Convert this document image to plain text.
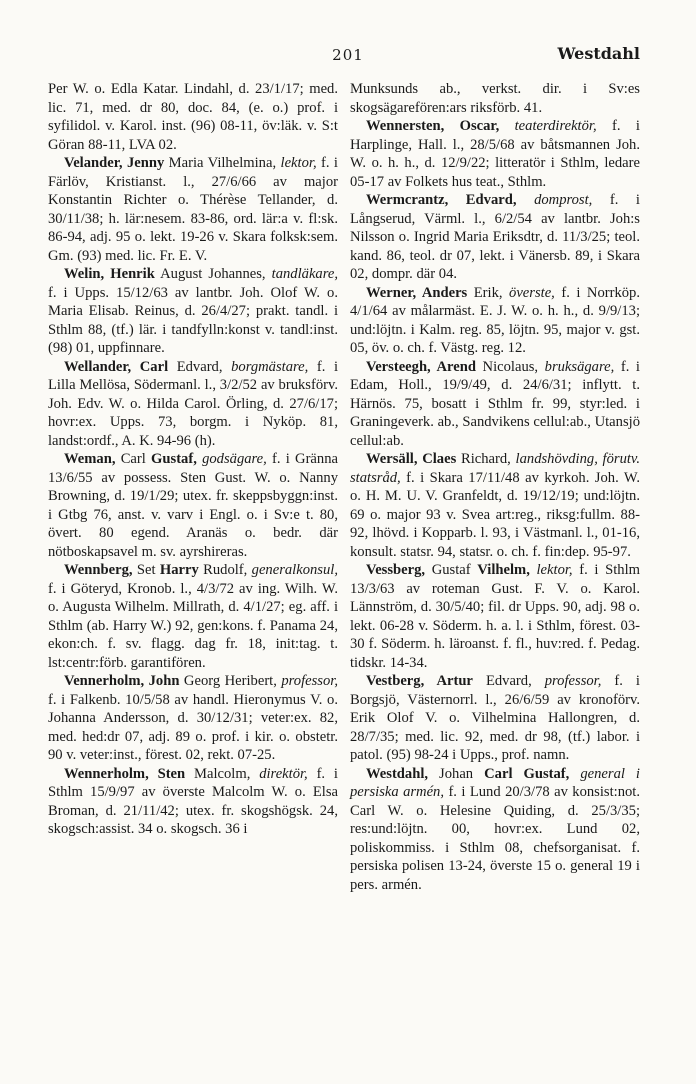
201	Westdahl

Per W. o. Edla Katar. Lindahl, d. 23/1/17; med. lic. 71, med. dr 80, doc. 84, (e. o.) prof. i syfilidol. v. Karol. inst. (96) 08-11, öv:läk. v. S:t Göran 88-11, LVA 02.

Velander, Jenny Maria Vilhelmina, lektor, f. i Färlöv, Kristianst. l., 27/6/66 av major Konstantin Richter o. Thérèse Tellander, d. 30/11/38; h. lär:nesem. 83-86, ord. lär:a v. fl:sk. 86-94, adj. 95 o. lekt. 19-26 v. Skara folksk:sem. Gm. (93) med. lic. Fr. E. V.

Welin, Henrik August Johannes, tandläkare, f. i Upps. 15/12/63 av lantbr. Joh. Olof W. o. Maria Elisab. Reinus, d. 26/4/27; prakt. tandl. i Sthlm 88, (tf.) lär. i tandfylln:konst v. tandl:inst. (98) 01, uppfinnare.

Wellander, Carl Edvard, borgmästare, f. i Lilla Mellösa, Södermanl. l., 3/2/52 av bruksförv. Joh. Edv. W. o. Hilda Carol. Örling, d. 27/6/17; hovr:ex. Upps. 73, borgm. i Nyköp. 81, landst:ordf., A. K. 94-96 (h).

Weman, Carl Gustaf, godsägare, f. i Gränna 13/6/55 av possess. Sten Gust. W. o. Nanny Browning, d. 19/1/29; utex. fr. skeppsbyggn:inst. i Gtbg 76, anst. v. varv i Engl. o. i Sv:e t. 80, övert. 80 egend. Aranäs o. bedr. där nötboskapsavel m. sv. ayrshireras.

Wennberg, Set Harry Rudolf, generalkonsul, f. i Göteryd, Kronob. l., 4/3/72 av ing. Wilh. W. o. Augusta Wilhelm. Millrath, d. 4/1/27; eg. aff. i Sthlm (ab. Harry W.) 92, gen:kons. f. Panama 24, ekon:ch. f. sv. flagg. dag fr. 18, init:tag. t. lst:centr:förb. garantifören.

Vennerholm, John Georg Heribert, professor, f. i Falkenb. 10/5/58 av handl. Hieronymus V. o. Johanna Andersson, d. 30/12/31; veter:ex. 82, med. hed:dr 07, adj. 89 o. prof. i kir. o. obstetr. 90 v. veter:inst., förest. 02, rekt. 07-25.

Wennerholm, Sten Malcolm, direktör, f. i Sthlm 15/9/97 av överste Malcolm W. o. Elsa Broman, d. 21/11/42; utex. fr. skogshögsk. 24, skogsch:assist. 34 o. skogsch. 36 i

Munksunds ab., verkst. dir. i Sv:es skogsägarefören:ars riksförb. 41.

Wennersten, Oscar, teaterdirektör, f. i Harplinge, Hall. l., 28/5/68 av båtsmannen Joh. W. o. h. h., d. 12/9/22; litteratör i Sthlm, ledare 05-17 av Folkets hus teat., Sthlm.

Wermcrantz, Edvard, domprost, f. i Långserud, Värml. l., 6/2/54 av lantbr. Joh:s Nilsson o. Ingrid Maria Eriksdtr, d. 11/3/25; teol. kand. 86, teol. dr 07, lekt. i Vänersb. 89, i Skara 02, dompr. där 04.

Werner, Anders Erik, överste, f. i Norrköp. 4/1/64 av målarmäst. E. J. W. o. h. h., d. 9/9/13; und:löjtn. i Kalm. reg. 85, löjtn. 95, major v. gst. 05, öv. o. ch. f. Västg. reg. 12.

Versteegh, Arend Nicolaus, bruksägare, f. i Edam, Holl., 19/9/49, d. 24/6/31; inflytt. t. Härnös. 75, bosatt i Sthlm fr. 99, styr:led. i Graningeverk. ab., Sandvikens cellul:ab., Utansjö cellul:ab.

Wersäll, Claes Richard, landshövding, förutv. statsråd, f. i Skara 17/11/48 av kyrkoh. Joh. W. o. H. M. U. V. Granfeldt, d. 19/12/19; und:löjtn. 69 o. major 93 v. Svea art:reg., riksg:fullm. 88-92, lhövd. i Kopparb. l. 93, i Västmanl. l., 01-16, konsult. statsr. 94, statsr. o. ch. f. fin:dep. 95-97.

Vessberg, Gustaf Vilhelm, lektor, f. i Sthlm 13/3/63 av roteman Gust. F. V. o. Karol. Lännström, d. 30/5/40; fil. dr Upps. 90, adj. 98 o. lekt. 06-28 v. Söderm. h. a. l. i Sthlm, förest. 03-30 f. Söderm. h. läroanst. f. fl., huv:red. f. Pedag. tidskr. 14-34.

Vestberg, Artur Edvard, professor, f. i Borgsjö, Västernorrl. l., 26/6/59 av kronoförv. Erik Olof V. o. Vilhelmina Hallongren, d. 28/7/35; med. lic. 92, med. dr 98, (tf.) labor. i patol. (95) 98-24 i Upps., prof. namn.

Westdahl, Johan Carl Gustaf, general i persiska armén, f. i Lund 20/3/78 av konsist:not. Carl W. o. Helesine Quiding, d. 25/3/35; res:und:löjtn. 00, hovr:ex. Lund 02, poliskommiss. i Sthlm 08, chefsorganisat. f. persiska polisen 13-24, överste 15 o. general 19 i pers. armén.
